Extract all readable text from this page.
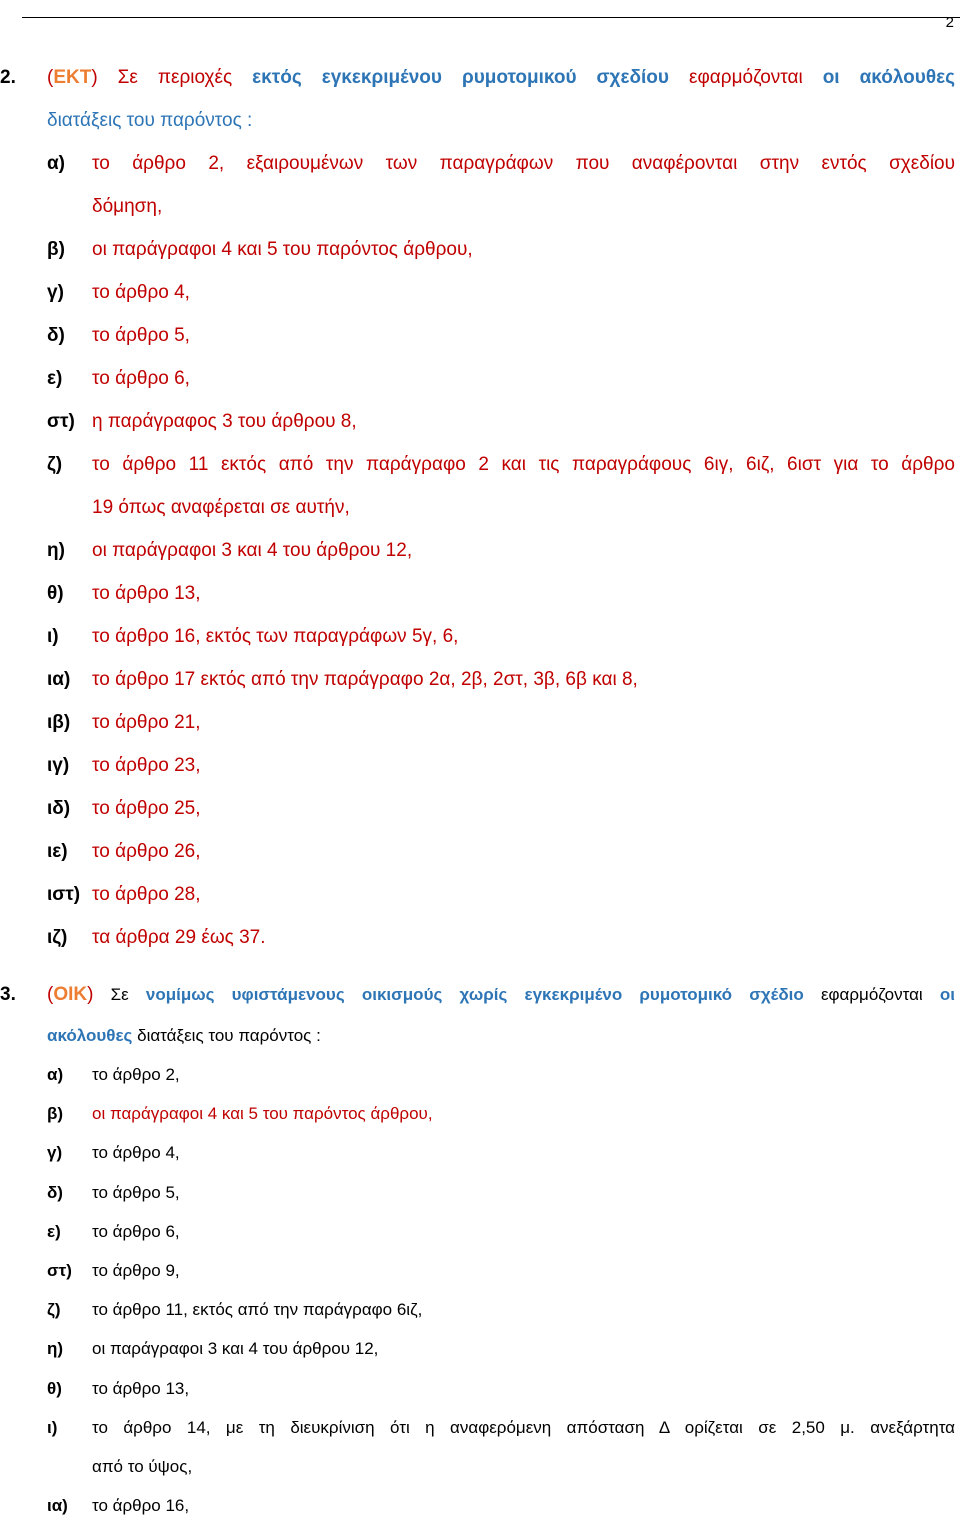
2
2. (ΕΚΤ) Σε περιοχές εκτός εγκεκριμένου ρυμοτομικού σχεδίου εφαρμόζονται οι ακόλουθες
διατάξεις του παρόντος :
α) το άρθρο 2, εξαιρουμένων των παραγράφων που αναφέρονται στην εντός σχεδίου
δόμηση,
β) οι παράγραφοι 4 και 5 του παρόντος άρθρου,
γ) το άρθρο 4,
δ) το άρθρο 5,
ε) το άρθρο 6,
στ) η παράγραφος 3 του άρθρου 8,
ζ) το άρθρο 11 εκτός από την παράγραφο 2 και τις παραγράφους 6ιγ, 6ιζ, 6ιστ για το άρθρο
19 όπως αναφέρεται σε αυτήν,
η) οι παράγραφοι 3 και 4 του άρθρου 12,
θ) το άρθρο 13,
ι) το άρθρο 16, εκτός των παραγράφων 5γ, 6,
ια) το άρθρο 17 εκτός από την παράγραφο 2α, 2β, 2στ, 3β, 6β και 8,
ιβ) το άρθρο 21,
ιγ) το άρθρο 23,
ιδ) το άρθρο 25,
ιε) το άρθρο 26,
ιστ) το άρθρο 28,
ιζ) τα άρθρα 29 έως 37.
3. (ΟΙΚ) Σε νομίμως υφιστάμενους οικισμούς χωρίς εγκεκριμένο ρυμοτομικό σχέδιο εφαρμόζονται οι
ακόλουθες διατάξεις του παρόντος :
α) το άρθρο 2,
β) οι παράγραφοι 4 και 5 του παρόντος άρθρου,
γ) το άρθρο 4,
δ) το άρθρο 5,
ε) το άρθρο 6,
στ) το άρθρο 9,
ζ) το άρθρο 11, εκτός από την παράγραφο 6ιζ,
η) οι παράγραφοι 3 και 4 του άρθρου 12,
θ) το άρθρο 13,
ι) το άρθρο 14, με τη διευκρίνιση ότι η αναφερόμενη απόσταση Δ ορίζεται σε 2,50 μ. ανεξάρτητα
από το ύψος,
ια) το άρθρο 16,
